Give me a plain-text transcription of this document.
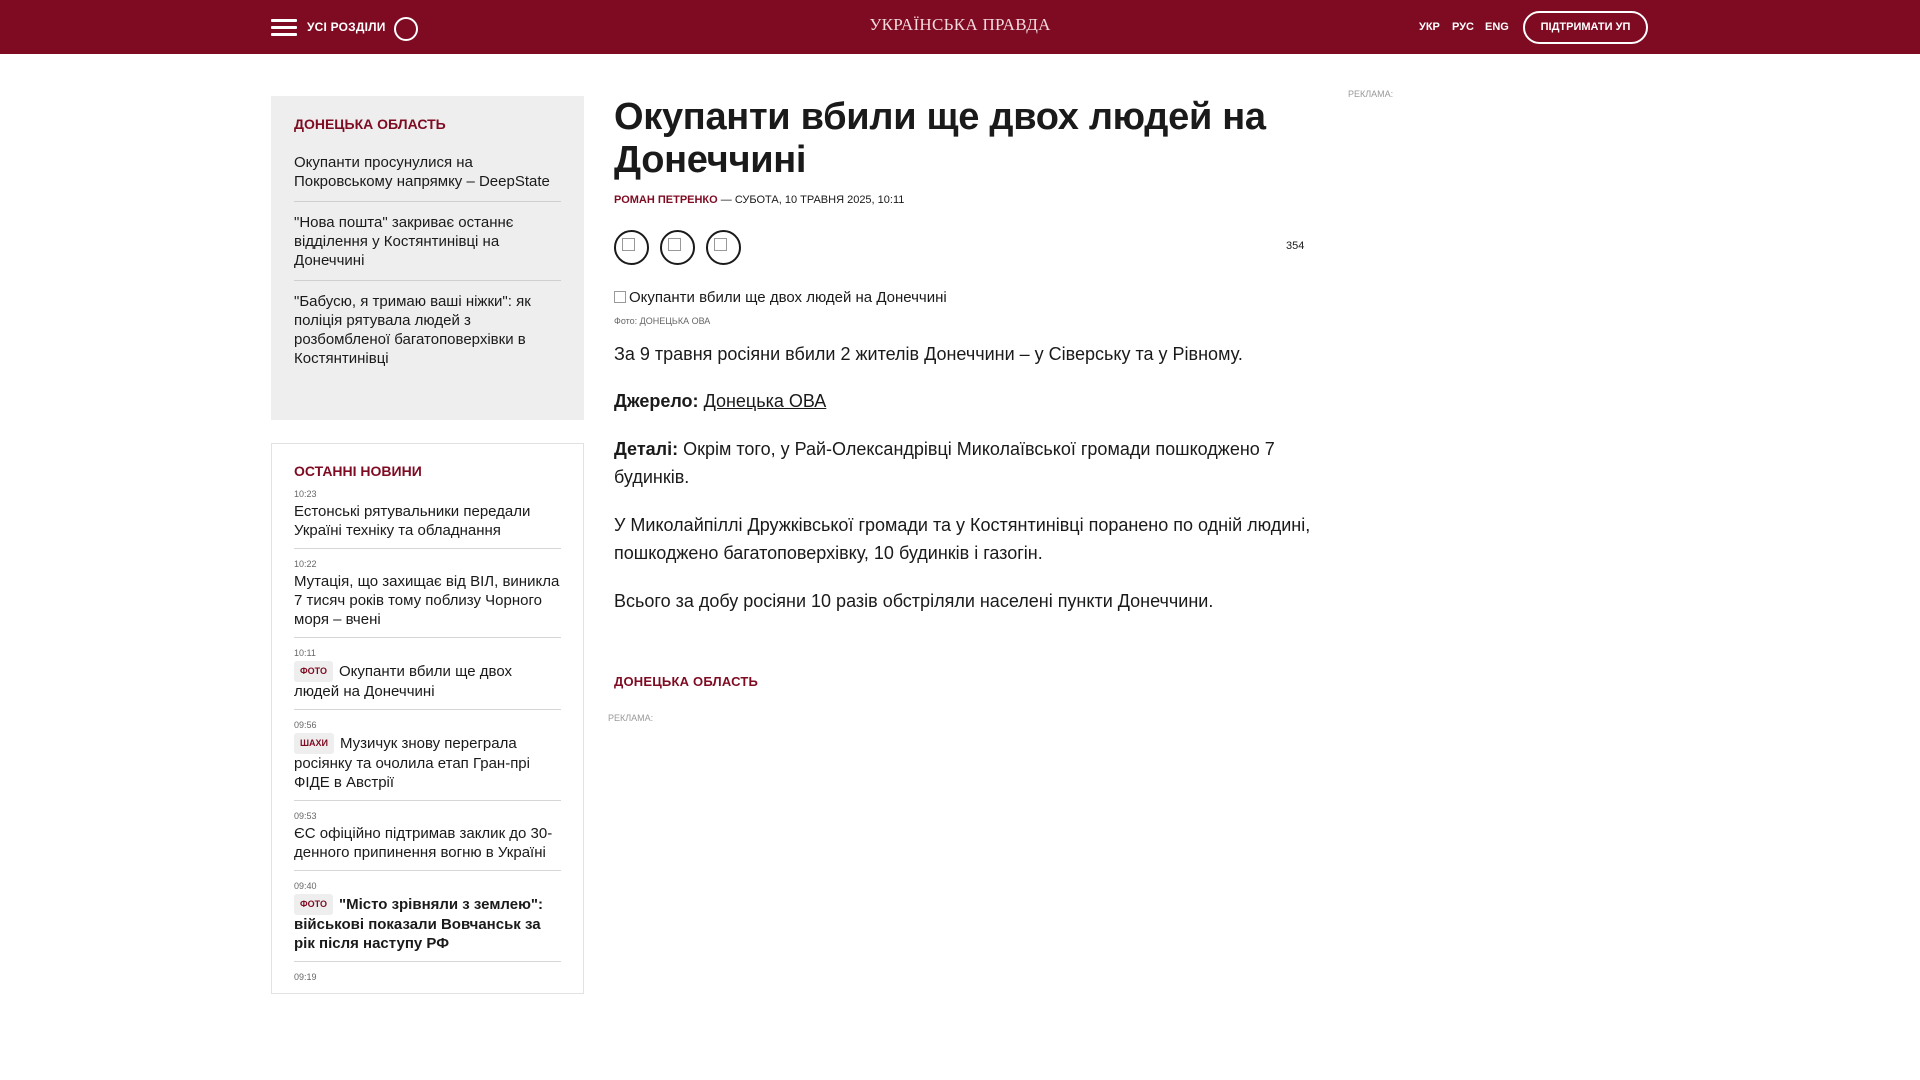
УСІ РОЗДІЛИ	УКРАЇНСЬКА ПРАВДА	УКР РУС ENG	ПІДТРИМАТИ УП
ДОНЕЦЬКА ОБЛАСТЬ
Окупанти просунулися на Покровському напрямку – DeepState
"Нова пошта" закриває останнє відділення у Костянтинівці на Донеччині
"Бабусю, я тримаю ваші ніжки": як поліція рятувала людей з розбомбленої багатоповерхівки в Костянтинівці
ОСТАННІ НОВИНИ
10:23
Естонські рятувальники передали Україні техніку та обладнання
10:22
Мутація, що захищає від ВІЛ, виникла 7 тисяч років тому поблизу Чорного моря – вчені
10:11
ФОТО Окупанти вбили ще двох людей на Донеччині
09:56
ШАХИ Музичук знову переграла росіянку та очолила етап Гран-прі ФІДЕ в Австрії
09:53
ЄС офіційно підтримав заклик до 30-денного припинення вогню в Україні
09:40
ФОТО "Місто зрівняли з землею": військові показали Вовчанськ за рік після наступу РФ
09:19
Окупанти вбили ще двох людей на Донеччині
РОМАН ПЕТРЕНКО — СУБОТА, 10 ТРАВНЯ 2025, 10:11
354
Окупанти вбили ще двох людей на Донеччині
Фото: ДОНЕЦЬКА ОВА

За 9 травня росіяни вбили 2 жителів Донеччини – у Сіверську та у Рівному.

Джерело: Донецька ОВА

Деталі: Окрім того, у Рай-Олександрівці Миколаївської громади пошкоджено 7 будинків.

У Миколайпіллі Дружківської громади та у Костянтинівці поранено по одній людині, пошкоджено багатоповерхівку, 10 будинків і газогін.

Всього за добу росіяни 10 разів обстріляли населені пункти Донеччини.

ДОНЕЦЬКА ОБЛАСТЬ
РЕКЛАМА:
РЕКЛАМА:
